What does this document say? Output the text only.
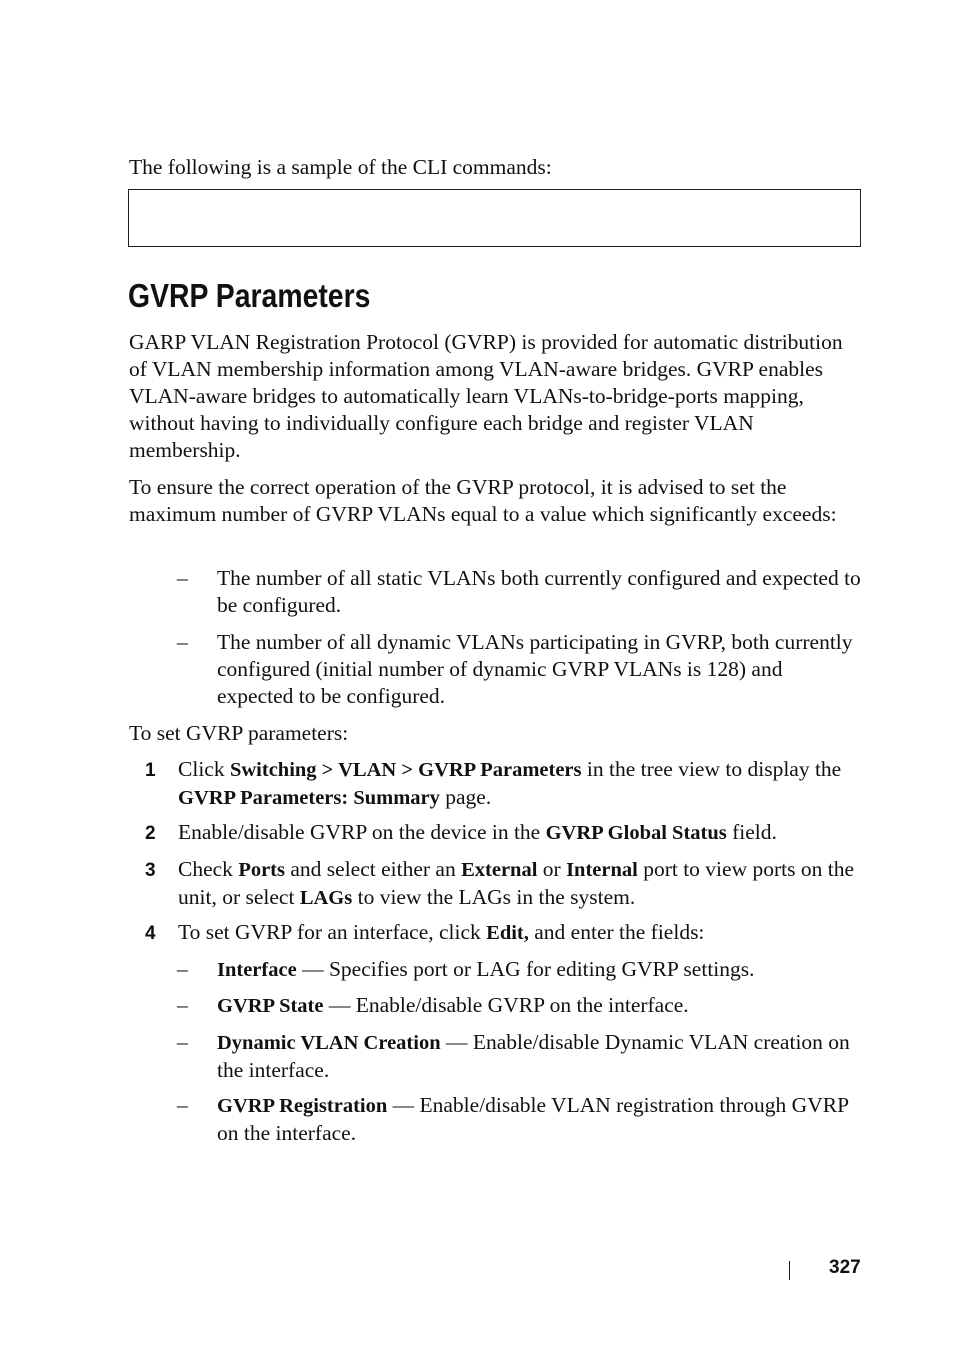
The following is a sample of the CLI commands:

GVRP Parameters

GARP VLAN Registration Protocol (GVRP) is provided for automatic distribution of VLAN membership information among VLAN-aware bridges. GVRP enables VLAN-aware bridges to automatically learn VLANs-to-bridge-ports mapping, without having to individually configure each bridge and register VLAN membership.

To ensure the correct operation of the GVRP protocol, it is advised to set the maximum number of GVRP VLANs equal to a value which significantly exceeds:

– The number of all static VLANs both currently configured and expected to be configured.

– The number of all dynamic VLANs participating in GVRP, both currently configured (initial number of dynamic GVRP VLANs is 128) and expected to be configured.

To set GVRP parameters:

1 Click Switching > VLAN > GVRP Parameters in the tree view to display the GVRP Parameters: Summary page.

2 Enable/disable GVRP on the device in the GVRP Global Status field.

3 Check Ports and select either an External or Internal port to view ports on the unit, or select LAGs to view the LAGs in the system.

4 To set GVRP for an interface, click Edit, and enter the fields:

– Interface — Specifies port or LAG for editing GVRP settings.

– GVRP State — Enable/disable GVRP on the interface.

– Dynamic VLAN Creation — Enable/disable Dynamic VLAN creation on the interface.

– GVRP Registration — Enable/disable VLAN registration through GVRP on the interface.

327
